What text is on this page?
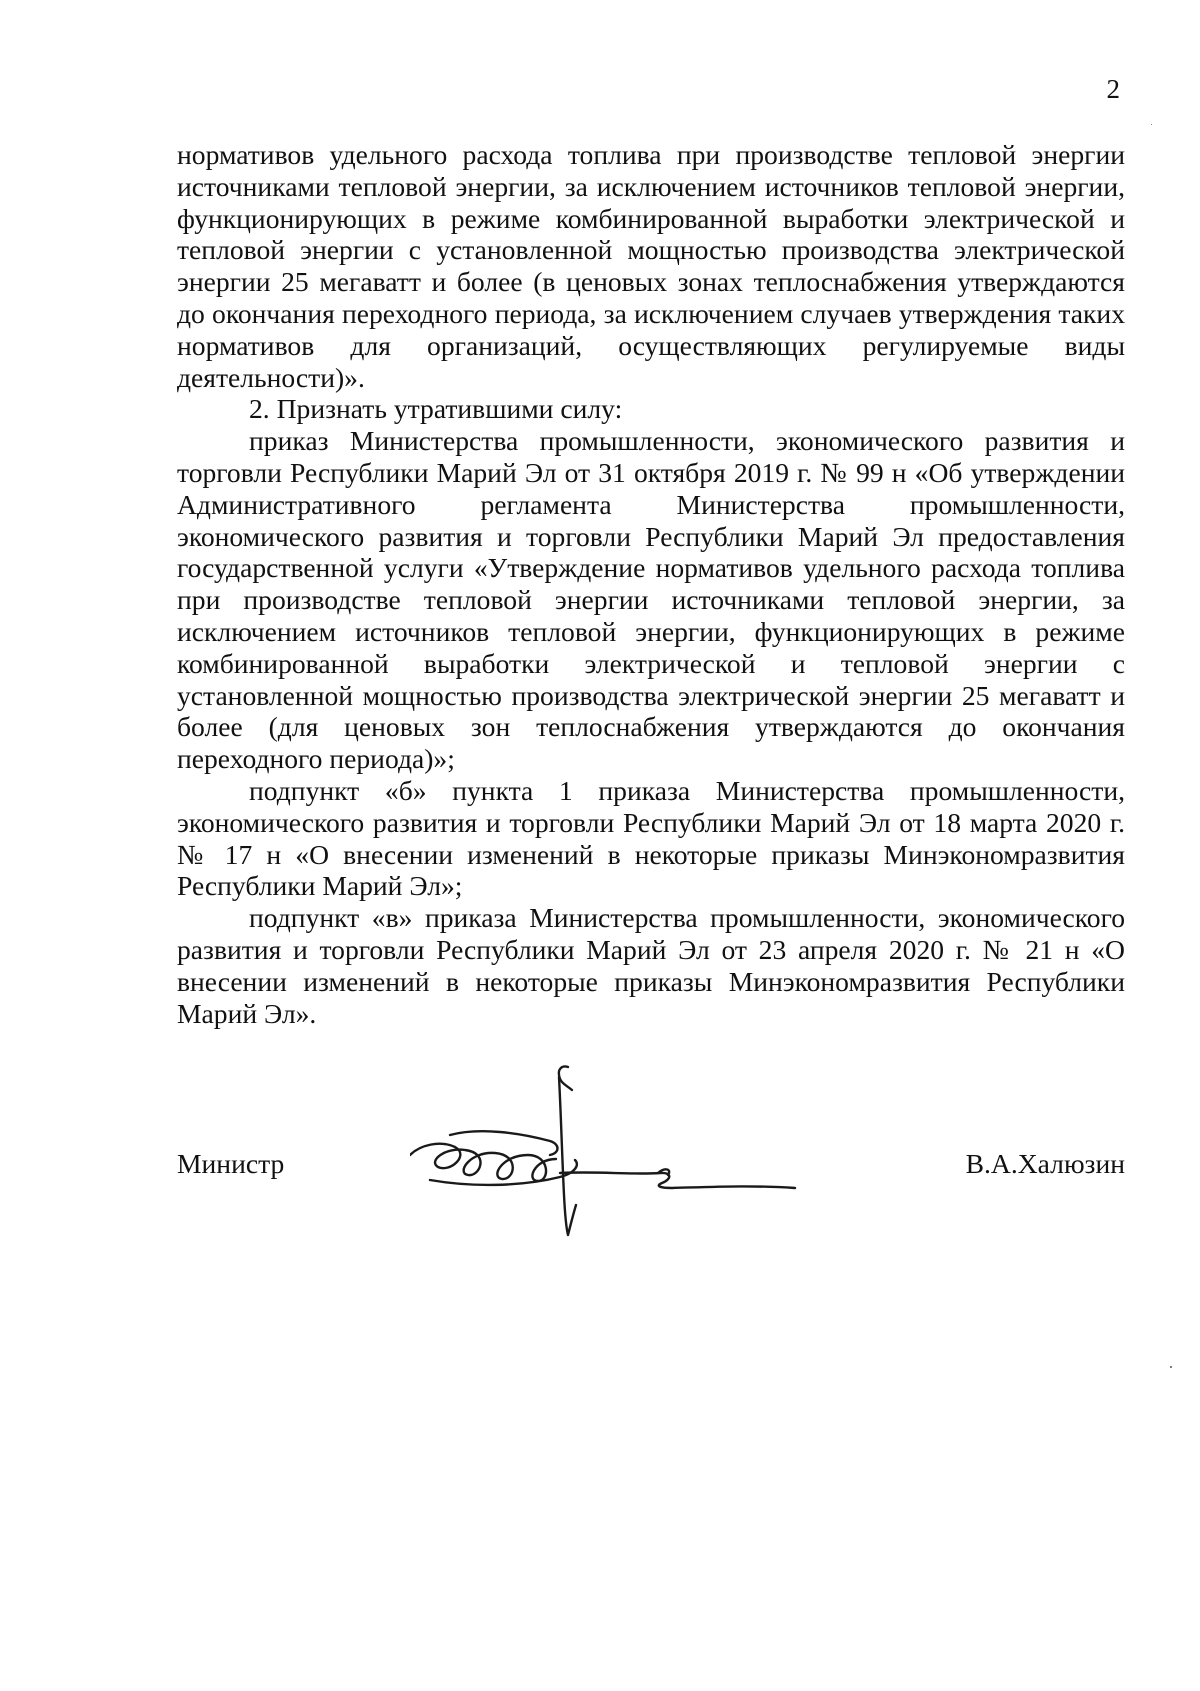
2

нормативов удельного расхода топлива при производстве тепловой энергии источниками тепловой энергии, за исключением источников тепловой энергии, функционирующих в режиме комбинированной выработки электрической и тепловой энергии с установленной мощностью производства электрической энергии 25 мегаватт и более (в ценовых зонах теплоснабжения утверждаются до окончания переходного периода, за исключением случаев утверждения таких нормативов для организаций, осуществляющих регулируемые виды деятельности)».

2. Признать утратившими силу:

приказ Министерства промышленности, экономического развития и торговли Республики Марий Эл от 31 октября 2019 г. № 99 н «Об утверждении Административного регламента Министерства промышленности, экономического развития и торговли Республики Марий Эл предоставления государственной услуги «Утверждение нормативов удельного расхода топлива при производстве тепловой энергии источниками тепловой энергии, за исключением источников тепловой энергии, функционирующих в режиме комбинированной выработки электрической и тепловой энергии с установленной мощностью производства электрической энергии 25 мегаватт и более (для ценовых зон теплоснабжения утверждаются до окончания переходного периода)»;

подпункт «б» пункта 1 приказа Министерства промышленности, экономического развития и торговли Республики Марий Эл от 18 марта 2020 г. № 17 н «О внесении изменений в некоторые приказы Минэкономразвития Республики Марий Эл»;

подпункт «в» приказа Министерства промышленности, экономического развития и торговли Республики Марий Эл от 23 апреля 2020 г. № 21 н «О внесении изменений в некоторые приказы Минэкономразвития Республики Марий Эл».

Министр	В.А.Халюзин
